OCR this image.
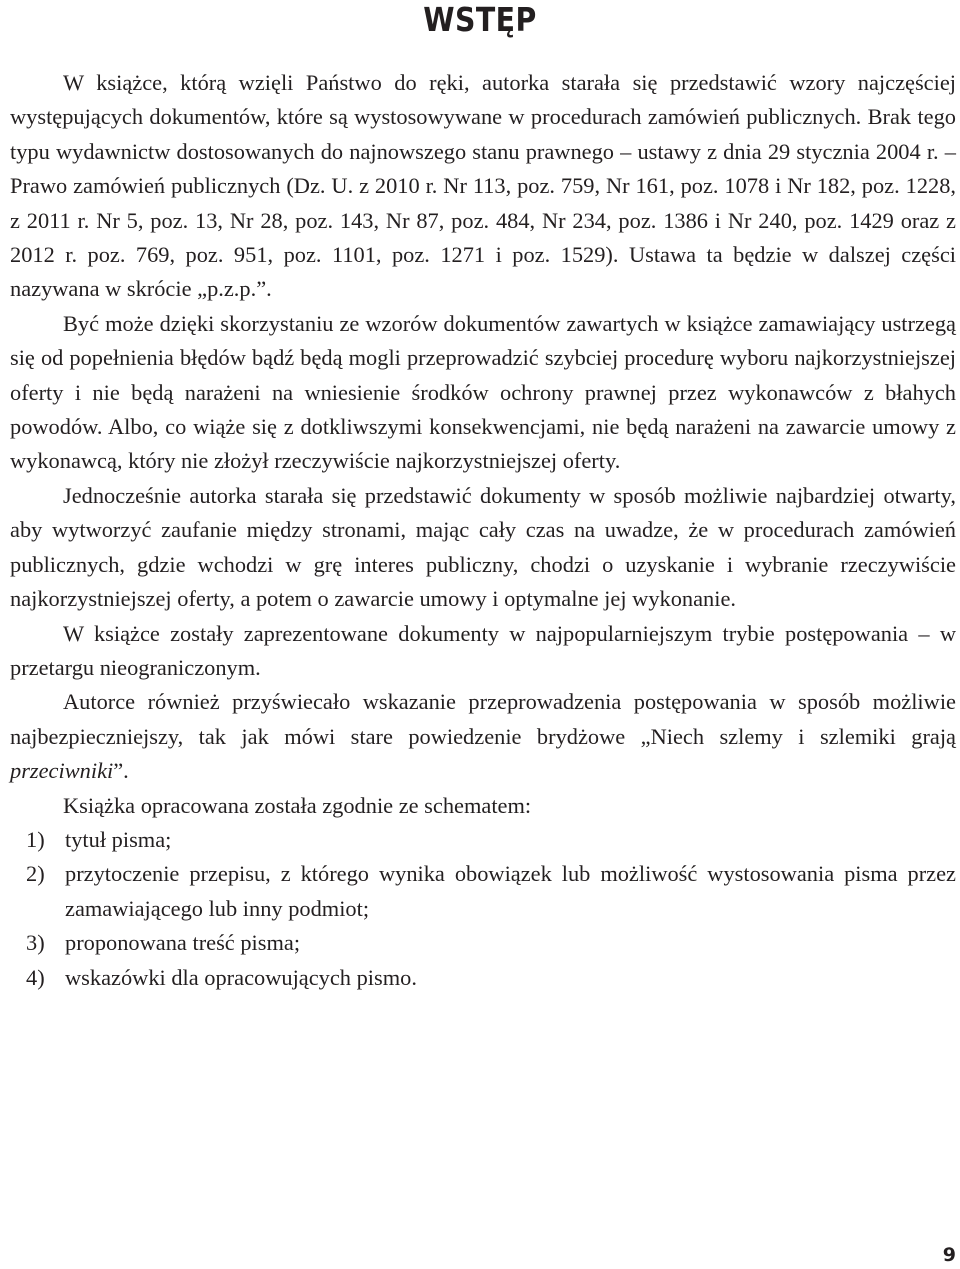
WSTĘP

W książce, którą wzięli Państwo do ręki, autorka starała się przedstawić wzory najczęściej występujących dokumentów, które są wystosowywane w procedurach zamówień publicznych. Brak tego typu wydawnictw dostosowanych do najnowszego stanu prawnego – ustawy z dnia 29 stycznia 2004 r. – Prawo zamówień publicznych (Dz. U. z 2010 r. Nr 113, poz. 759, Nr 161, poz. 1078 i Nr 182, poz. 1228, z 2011 r. Nr 5, poz. 13, Nr 28, poz. 143, Nr 87, poz. 484, Nr 234, poz. 1386 i Nr 240, poz. 1429 oraz z 2012 r. poz. 769, poz. 951, poz. 1101, poz. 1271 i poz. 1529). Ustawa ta będzie w dalszej części nazywana w skrócie „p.z.p.”.

Być może dzięki skorzystaniu ze wzorów dokumentów zawartych w książce zamawiający ustrzegą się od popełnienia błędów bądź będą mogli przeprowadzić szybciej procedurę wyboru najkorzystniejszej oferty i nie będą narażeni na wniesienie środków ochrony prawnej przez wykonawców z błahych powodów. Albo, co wiąże się z dotkliwszymi konsekwencjami, nie będą narażeni na zawarcie umowy z wykonawcą, który nie złożył rzeczywiście najkorzystniejszej oferty.

Jednocześnie autorka starała się przedstawić dokumenty w sposób możliwie najbardziej otwarty, aby wytworzyć zaufanie między stronami, mając cały czas na uwadze, że w procedurach zamówień publicznych, gdzie wchodzi w grę interes publiczny, chodzi o uzyskanie i wybranie rzeczywiście najkorzystniejszej oferty, a potem o zawarcie umowy i optymalne jej wykonanie.

W książce zostały zaprezentowane dokumenty w najpopularniejszym trybie postępowania – w przetargu nieograniczonym.

Autorce również przyświecało wskazanie przeprowadzenia postępowania w sposób możliwie najbezpieczniejszy, tak jak mówi stare powiedzenie brydżowe „Niech szlemy i szlemiki grają przeciwniki”.

Książka opracowana została zgodnie ze schematem:

1) tytuł pisma;
2) przytoczenie przepisu, z którego wynika obowiązek lub możliwość wystosowania pisma przez zamawiającego lub inny podmiot;
3) proponowana treść pisma;
4) wskazówki dla opracowujących pismo.
9
